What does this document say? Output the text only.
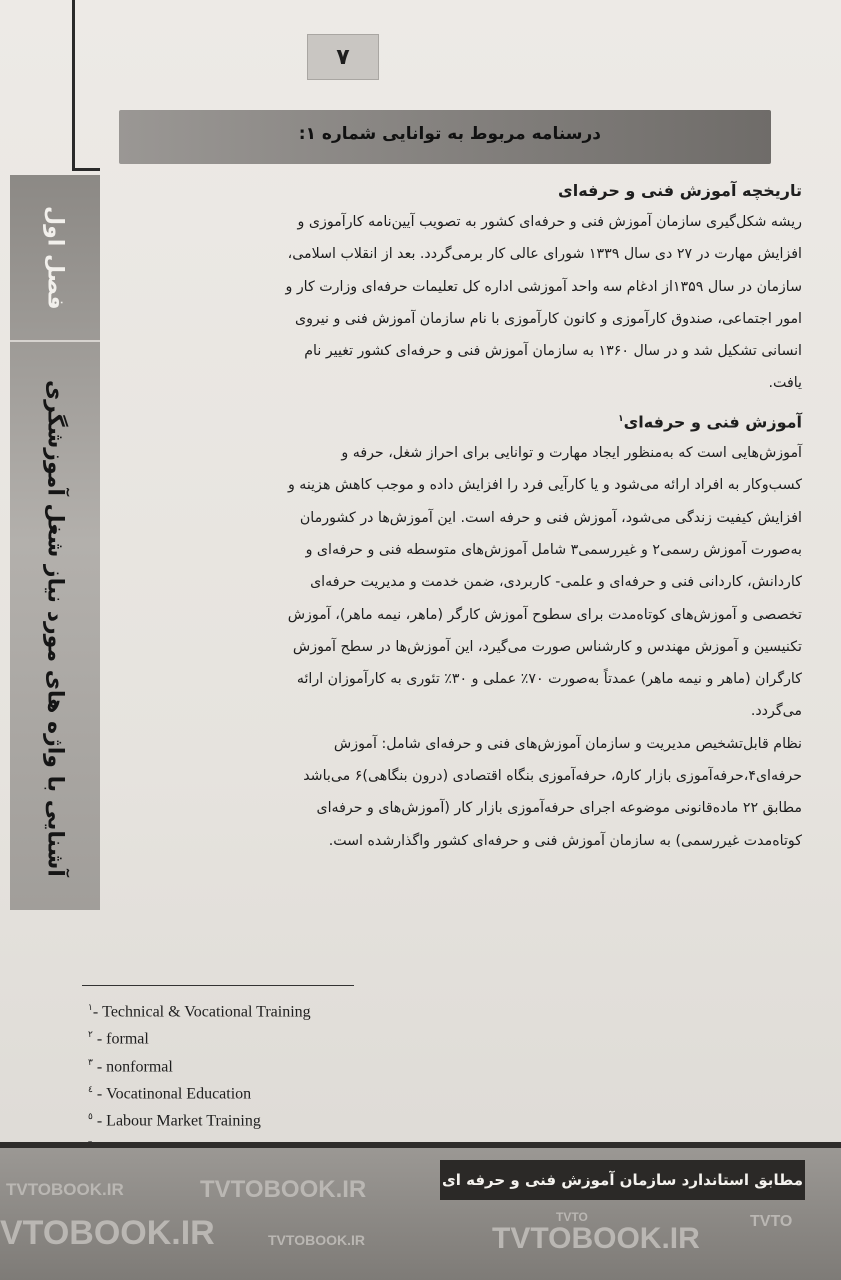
۷
درسنامه مربوط به توانایی شماره ۱:
فصل اول
آشنایی با واژه های مورد نیاز شغل آموزشگری

تاریخچه آموزش فنی و حرفه‌ای

ریشه شکل‌گیری سازمان آموزش فنی و حرفه‌ای کشور به تصویب آیین‌نامه کارآموزی و

افزایش مهارت در ۲۷ دی سال ۱۳۳۹ شورای عالی کار برمی‌گردد. بعد از انقلاب اسلامی،

سازمان در سال ۱۳۵۹از ادغام سه واحد آموزشی اداره کل تعلیمات حرفه‌ای وزارت کار و

امور اجتماعی، صندوق کارآموزی و کانون کارآموزی با نام سازمان آموزش فنی و نیروی

انسانی تشکیل شد و در سال ۱۳۶۰ به سازمان آموزش فنی و حرفه‌ای کشور تغییر نام

یافت.

آموزش فنی و حرفه‌ای$^۱$

آموزش‌هایی است که به‌منظور ایجاد مهارت و توانایی برای احراز شغل، حرفه و

کسب‌وکار به افراد ارائه می‌شود و یا کارآیی فرد را افزایش داده و موجب کاهش هزینه و

افزایش کیفیت زندگی می‌شود، آموزش فنی و حرفه است. این آموزش‌ها در کشورمان

به‌صورت آموزش رسمی۲ و غیررسمی۳ شامل آموزش‌های متوسطه فنی و حرفه‌ای و

کاردانش، کاردانی فنی و حرفه‌ای و علمی- کاربردی، ضمن خدمت و مدیریت حرفه‌ای

تخصصی و آموزش‌های کوتاه‌مدت برای سطوح آموزش کارگر (ماهر، نیمه ماهر)، آموزش

تکنیسین و آموزش مهندس و کارشناس صورت می‌گیرد، این آموزش‌ها در سطح آموزش

کارگران (ماهر و نیمه ماهر) عمدتاً به‌صورت ۷۰٪ عملی و ۳۰٪ تئوری به کارآموزان ارائه

می‌گردد.

نظام قابل‌تشخیص مدیریت و سازمان آموزش‌های فنی و حرفه‌ای شامل: آموزش

حرفه‌ای۴،حرفه‌آموزی بازار کار۵، حرفه‌آموزی بنگاه اقتصادی (درون بنگاهی)۶ می‌باشد

مطابق ۲۲ ماده‌قانونی موضوعه اجرای حرفه‌آموزی بازار کار (آموزش‌های و حرفه‌ای

کوتاه‌مدت غیررسمی) به سازمان آموزش فنی و حرفه‌ای کشور واگذارشده است.

$^۱$- Technical & Vocational Training
$^۲$ - formal
$^۳$ - nonformal
$^٤$ - Vocatinonal Education
$^٥$ - Labour Market Training
مطابق استاندارد سازمان آموزش فنی و حرفه ای
TVTOBOOK.IR	TVTOBOOK.IR
VTOBOOK.IR	TVTOBOOK.IR	TVTOBOOK.IR
TVTO	TVTO
